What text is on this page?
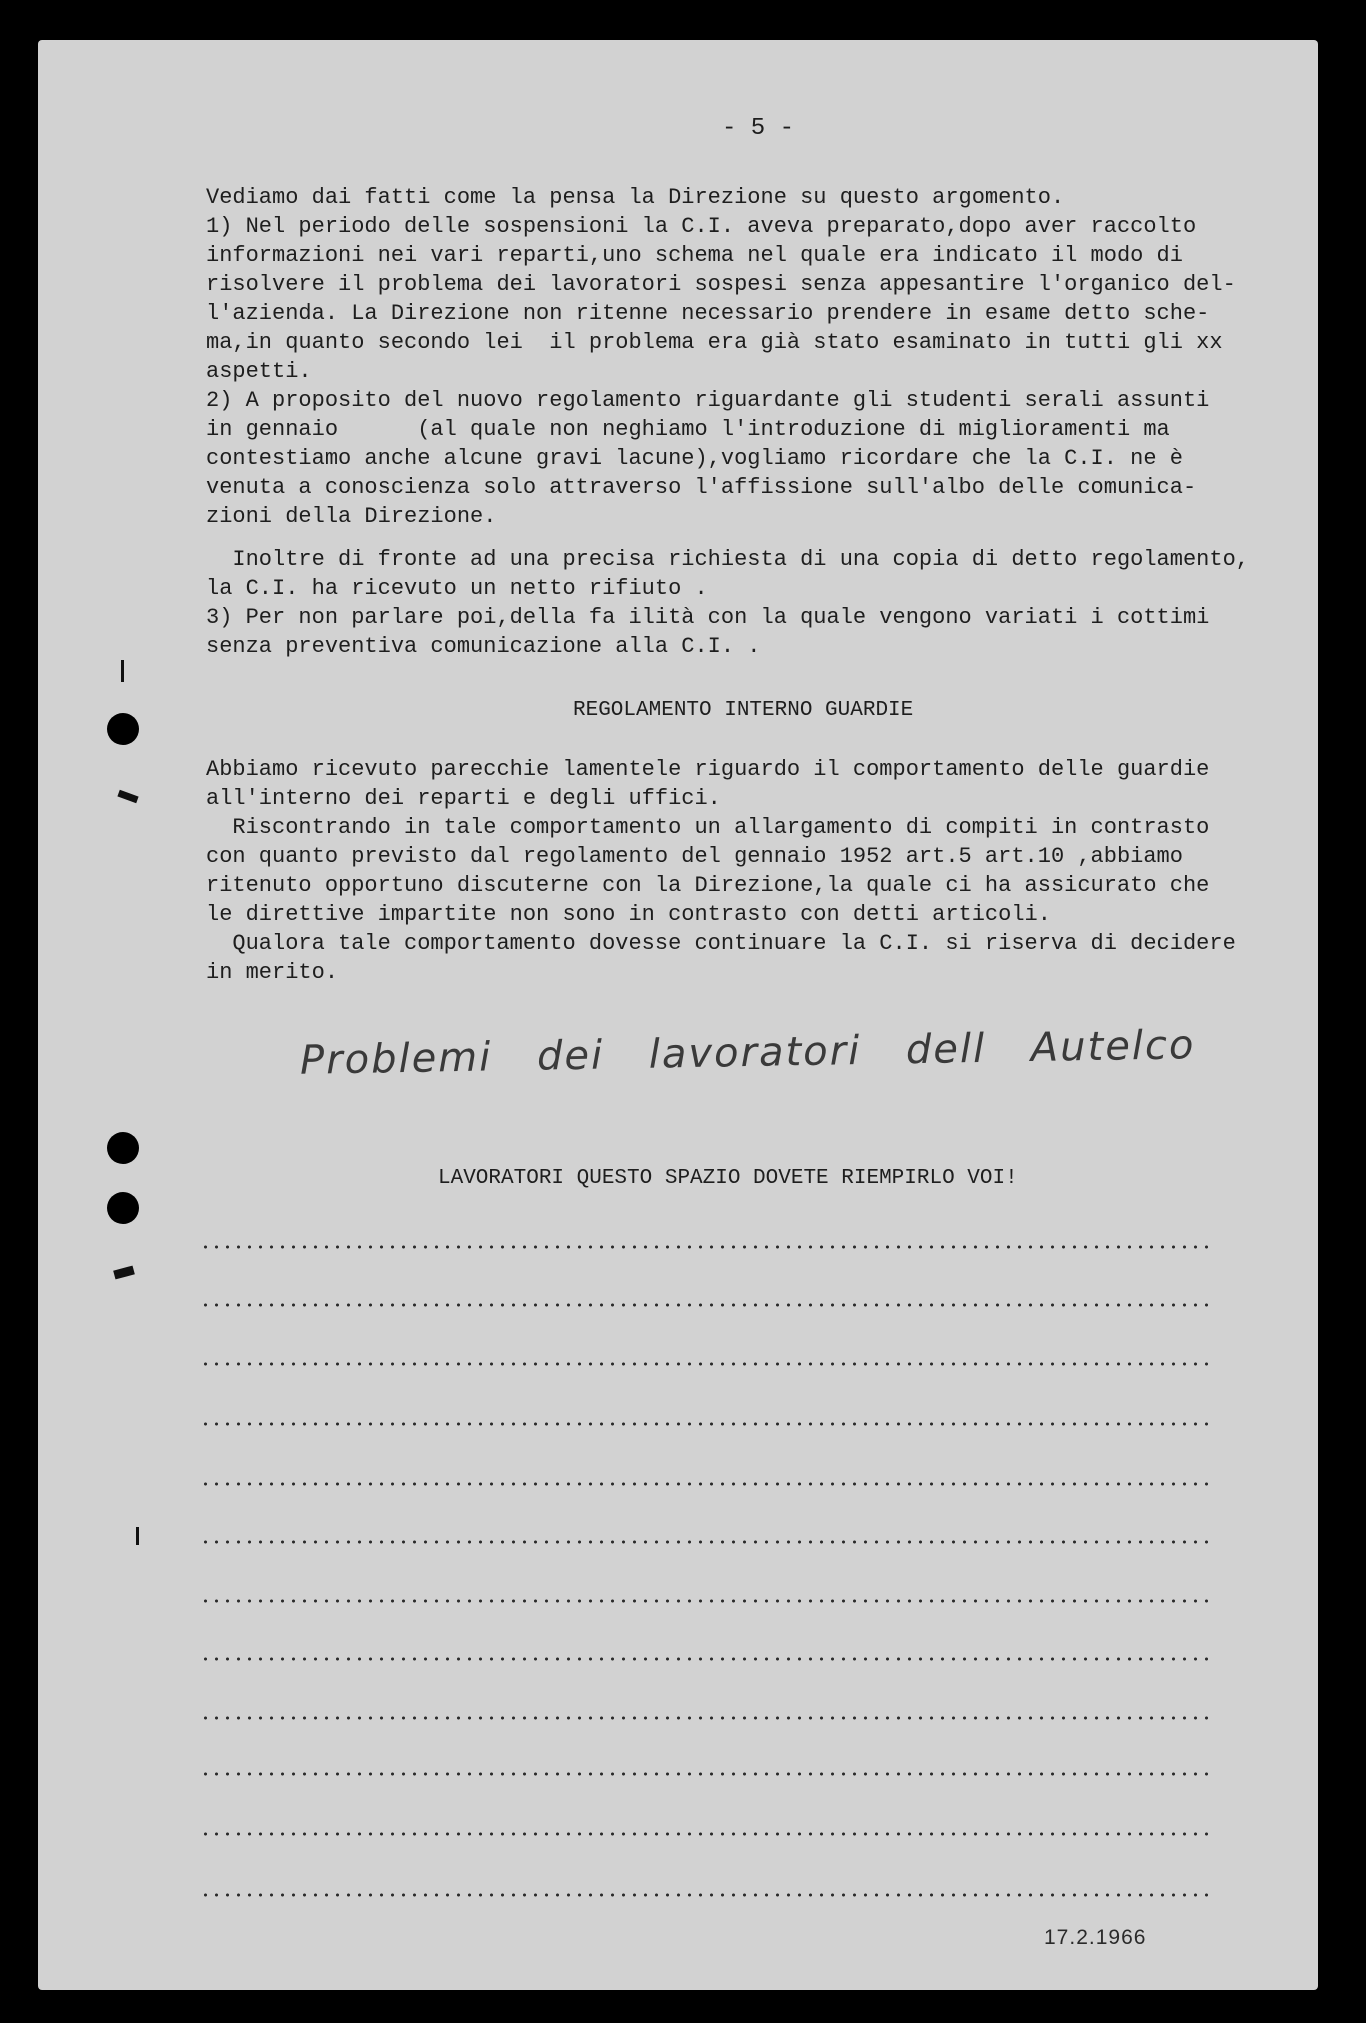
- 5 -
Vediamo dai fatti come la pensa la Direzione su questo argomento.
1) Nel periodo delle sospensioni la C.I. aveva preparato,dopo aver raccolto
informazioni nei vari reparti,uno schema nel quale era indicato il modo di
risolvere il problema dei lavoratori sospesi senza appesantire l'organico del-
l'azienda. La Direzione non ritenne necessario prendere in esame detto sche-
ma,in quanto secondo lei  il problema era già stato esaminato in tutti gli xx
aspetti.
2) A proposito del nuovo regolamento riguardante gli studenti serali assunti
in gennaio      (al quale non neghiamo l'introduzione di miglioramenti ma
contestiamo anche alcune gravi lacune),vogliamo ricordare che la C.I. ne è
venuta a conoscienza solo attraverso l'affissione sull'albo delle comunica-
zioni della Direzione.
Inoltre di fronte ad una precisa richiesta di una copia di detto regolamento,
la C.I. ha ricevuto un netto rifiuto .
3) Per non parlare poi,della fa ilità con la quale vengono variati i cottimi
senza preventiva comunicazione alla C.I. .
REGOLAMENTO INTERNO GUARDIE
Abbiamo ricevuto parecchie lamentele riguardo il comportamento delle guardie
all'interno dei reparti e degli uffici.
Riscontrando in tale comportamento un allargamento di compiti in contrasto
con quanto previsto dal regolamento del gennaio 1952 art.5 art.10 ,abbiamo
ritenuto opportuno discuterne con la Direzione,la quale ci ha assicurato che
le direttive impartite non sono in contrasto con detti articoli.
Qualora tale comportamento dovesse continuare la C.I. si riserva di decidere
in merito.
Problemi dei lavoratori dell Autelco
LAVORATORI QUESTO SPAZIO DOVETE RIEMPIRLO VOI!
17.2.1966
